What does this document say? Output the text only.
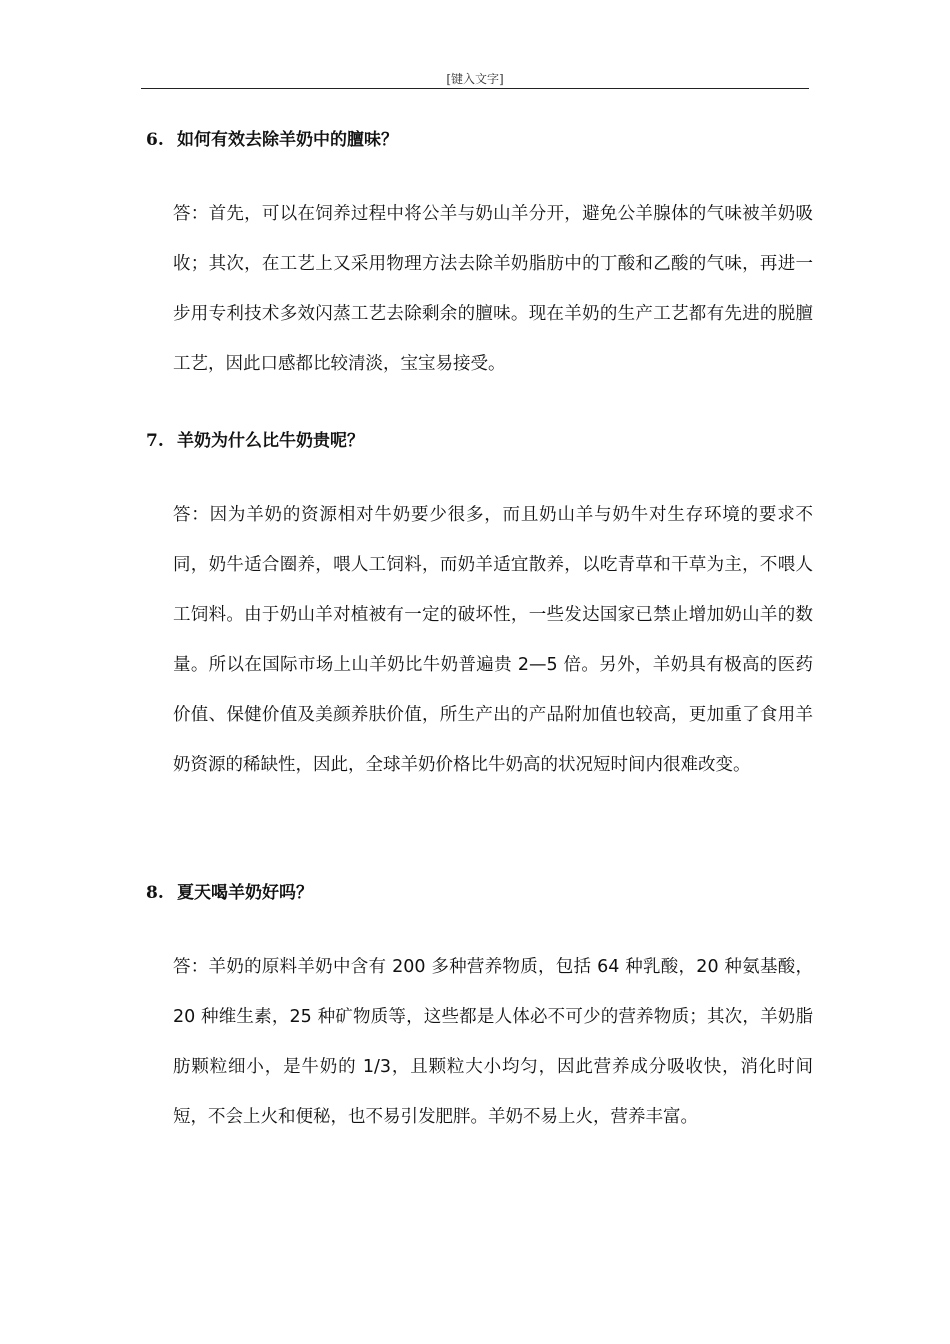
[键入文字]
6. 如何有效去除羊奶中的膻味？

答：首先，可以在饲养过程中将公羊与奶山羊分开，避免公羊腺体的气味被羊奶吸收；其次，在工艺上又采用物理方法去除羊奶脂肪中的丁酸和乙酸的气味，再进一步用专利技术多效闪蒸工艺去除剩余的膻味。现在羊奶的生产工艺都有先进的脱膻工艺，因此口感都比较清淡，宝宝易接受。

7. 羊奶为什么比牛奶贵呢？

答：因为羊奶的资源相对牛奶要少很多，而且奶山羊与奶牛对生存环境的要求不同，奶牛适合圈养，喂人工饲料，而奶羊适宜散养，以吃青草和干草为主，不喂人工饲料。由于奶山羊对植被有一定的破坏性，一些发达国家已禁止增加奶山羊的数量。所以在国际市场上山羊奶比牛奶普遍贵 2—5 倍。另外，羊奶具有极高的医药价值、保健价值及美颜养肤价值，所生产出的产品附加值也较高，更加重了食用羊奶资源的稀缺性，因此，全球羊奶价格比牛奶高的状况短时间内很难改变。

8. 夏天喝羊奶好吗？

答：羊奶的原料羊奶中含有 200 多种营养物质，包括 64 种乳酸，20 种氨基酸，20 种维生素，25 种矿物质等，这些都是人体必不可少的营养物质；其次，羊奶脂肪颗粒细小，是牛奶的 1/3，且颗粒大小均匀，因此营养成分吸收快，消化时间短，不会上火和便秘，也不易引发肥胖。羊奶不易上火，营养丰富。
